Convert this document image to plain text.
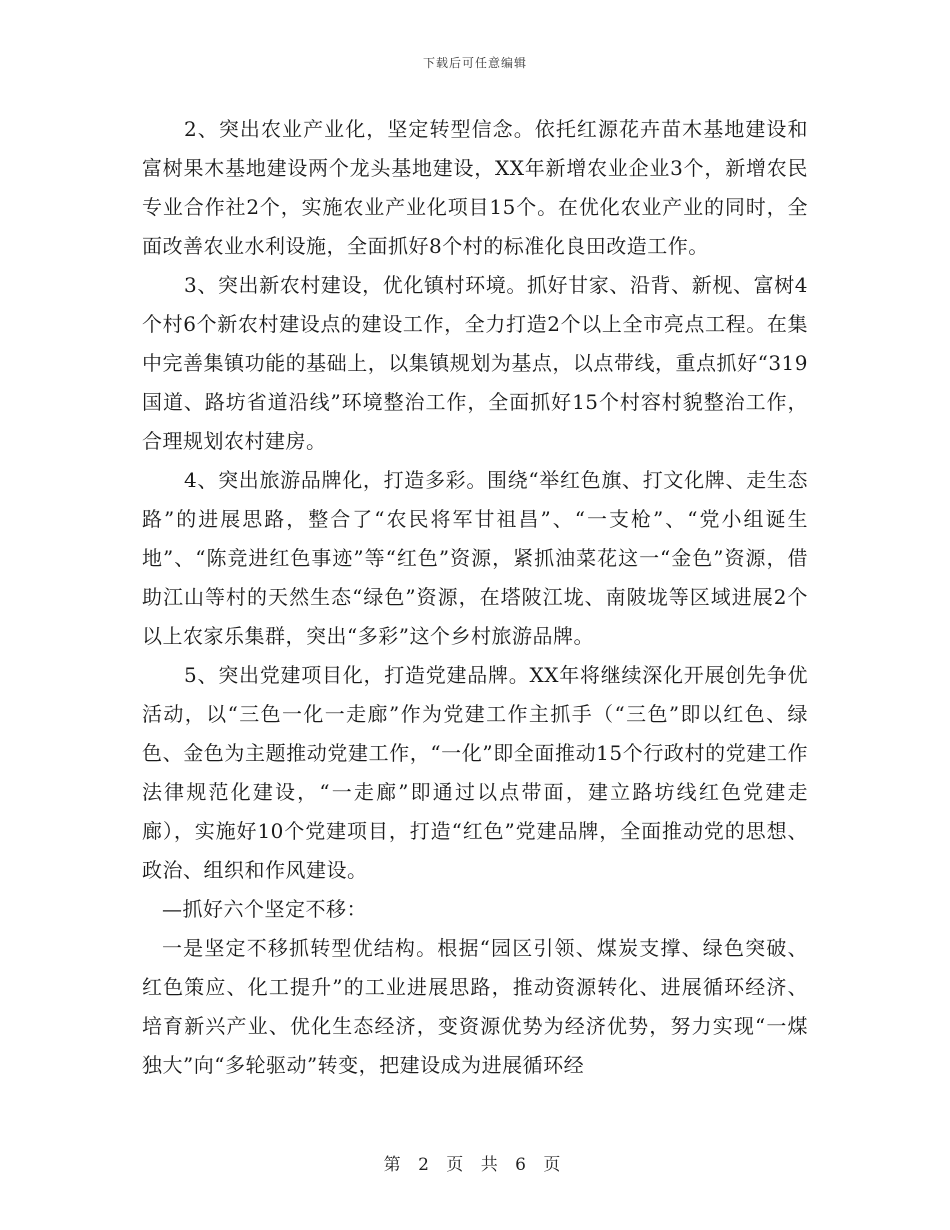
下载后可任意编辑

2、突出农业产业化，坚定转型信念。依托红源花卉苗木基地建设和富树果木基地建设两个龙头基地建设，XX年新增农业企业3个，新增农民专业合作社2个，实施农业产业化项目15个。在优化农业产业的同时，全面改善农业水利设施，全面抓好8个村的标准化良田改造工作。

3、突出新农村建设，优化镇村环境。抓好甘家、沿背、新枧、富树4个村6个新农村建设点的建设工作，全力打造2个以上全市亮点工程。在集中完善集镇功能的基础上，以集镇规划为基点，以点带线，重点抓好“319国道、路坊省道沿线”环境整治工作，全面抓好15个村容村貌整治工作，合理规划农村建房。

4、突出旅游品牌化，打造多彩。围绕“举红色旗、打文化牌、走生态路”的进展思路，整合了“农民将军甘祖昌”、“一支枪”、“党小组诞生地”、“陈竞进红色事迹”等“红色”资源，紧抓油菜花这一“金色”资源，借助江山等村的天然生态“绿色”资源，在塔陂江垅、南陂垅等区域进展2个以上农家乐集群，突出“多彩”这个乡村旅游品牌。

5、突出党建项目化，打造党建品牌。XX年将继续深化开展创先争优活动，以“三色一化一走廊”作为党建工作主抓手（“三色”即以红色、绿色、金色为主题推动党建工作，“一化”即全面推动15个行政村的党建工作法律规范化建设，“一走廊”即通过以点带面，建立路坊线红色党建走廊），实施好10个党建项目，打造“红色”党建品牌，全面推动党的思想、政治、组织和作风建设。

—抓好六个坚定不移：

一是坚定不移抓转型优结构。根据“园区引领、煤炭支撑、绿色突破、红色策应、化工提升”的工业进展思路，推动资源转化、进展循环经济、培育新兴产业、优化生态经济，变资源优势为经济优势，努力实现“一煤独大”向“多轮驱动”转变，把建设成为进展循环经

第 2 页 共 6 页
